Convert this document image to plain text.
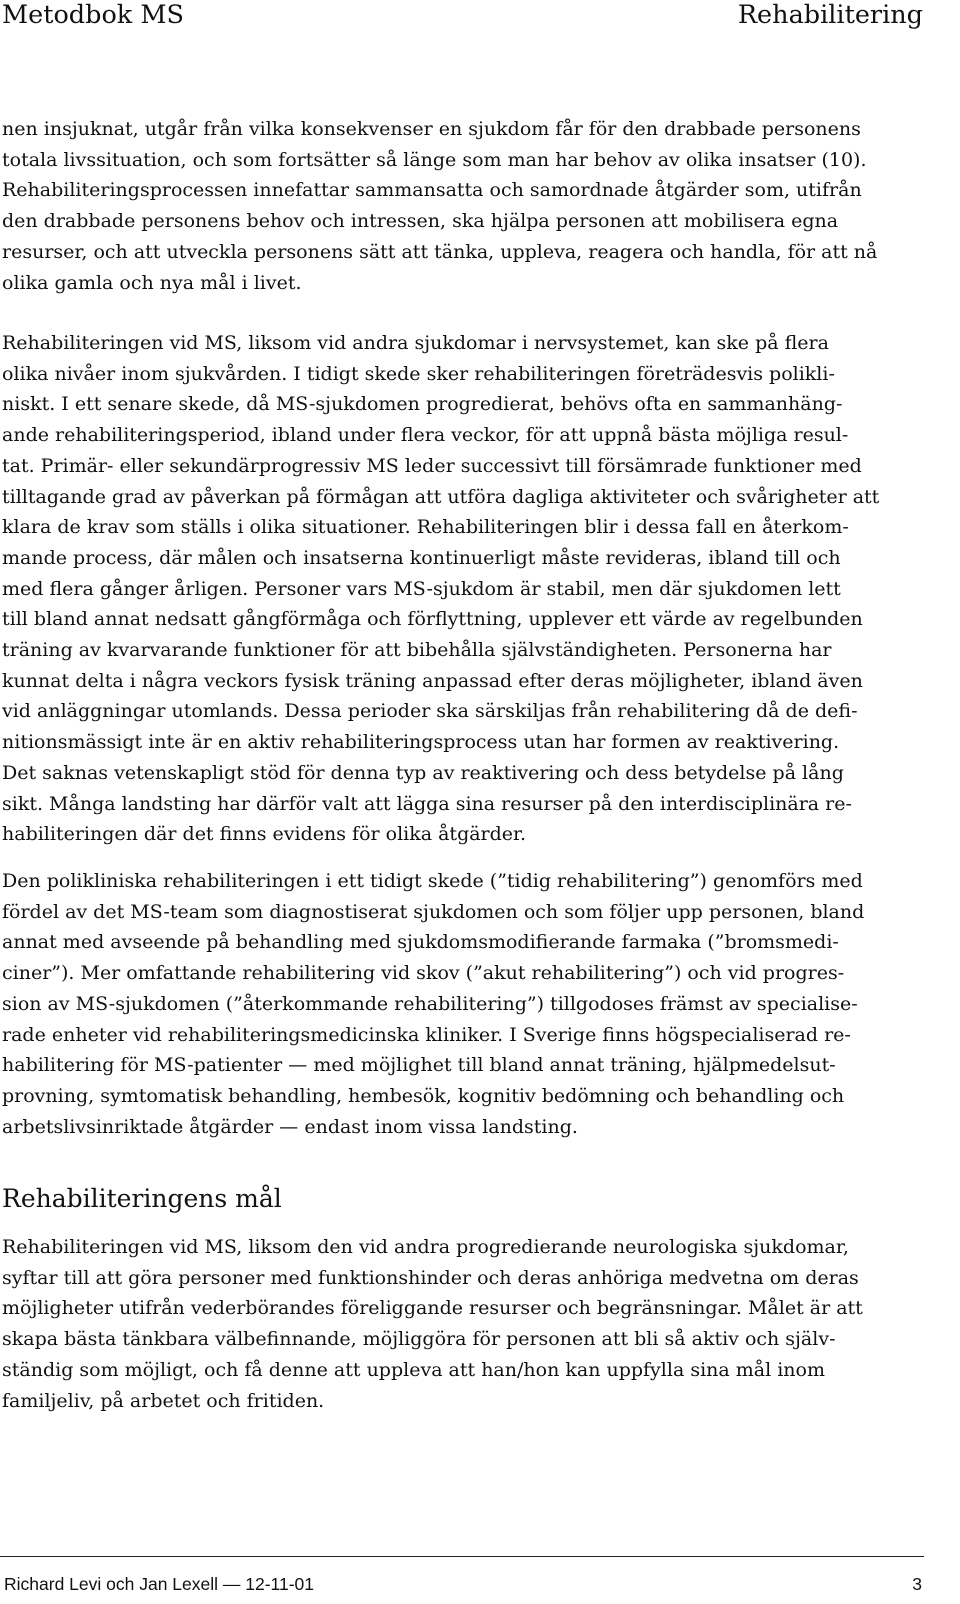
Metodbok MS	Rehabilitering
nen insjuknat, utgår från vilka konsekvenser en sjukdom får för den drabbade personens
totala livssituation, och som fortsätter så länge som man har behov av olika insatser (10).
Rehabiliteringsprocessen innefattar sammansatta och samordnade åtgärder som, utifrån
den drabbade personens behov och intressen, ska hjälpa personen att mobilisera egna
resurser, och att utveckla personens sätt att tänka, uppleva, reagera och handla, för att nå
olika gamla och nya mål i livet.
Rehabiliteringen vid MS, liksom vid andra sjukdomar i nervsystemet, kan ske på flera
olika nivåer inom sjukvården. I tidigt skede sker rehabiliteringen företrädesvis polikli-
niskt. I ett senare skede, då MS-sjukdomen progredierat, behövs ofta en sammanhäng-
ande rehabiliteringsperiod, ibland under flera veckor, för att uppnå bästa möjliga resul-
tat. Primär- eller sekundärprogressiv MS leder successivt till försämrade funktioner med
tilltagande grad av påverkan på förmågan att utföra dagliga aktiviteter och svårigheter att
klara de krav som ställs i olika situationer. Rehabiliteringen blir i dessa fall en återkom-
mande process, där målen och insatserna kontinuerligt måste revideras, ibland till och
med flera gånger årligen. Personer vars MS-sjukdom är stabil, men där sjukdomen lett
till bland annat nedsatt gångförmåga och förflyttning, upplever ett värde av regelbunden
träning av kvarvarande funktioner för att bibehålla självständigheten. Personerna har
kunnat delta i några veckors fysisk träning anpassad efter deras möjligheter, ibland även
vid anläggningar utomlands. Dessa perioder ska särskiljas från rehabilitering då de defi-
nitionsmässigt inte är en aktiv rehabiliteringsprocess utan har formen av reaktivering.
Det saknas vetenskapligt stöd för denna typ av reaktivering och dess betydelse på lång
sikt. Många landsting har därför valt att lägga sina resurser på den interdisciplinära re-
habiliteringen där det finns evidens för olika åtgärder.
Den polikliniska rehabiliteringen i ett tidigt skede (”tidig rehabilitering”) genomförs med
fördel av det MS-team som diagnostiserat sjukdomen och som följer upp personen, bland
annat med avseende på behandling med sjukdomsmodifierande farmaka (”bromsmedi-
ciner”). Mer omfattande rehabilitering vid skov (”akut rehabilitering”) och vid progres-
sion av MS-sjukdomen (”återkommande rehabilitering”) tillgodoses främst av specialise-
rade enheter vid rehabiliteringsmedicinska kliniker. I Sverige finns högspecialiserad re-
habilitering för MS-patienter — med möjlighet till bland annat träning, hjälpmedelsut-
provning, symtomatisk behandling, hembesök, kognitiv bedömning och behandling och
arbetslivsinriktade åtgärder — endast inom vissa landsting.
Rehabiliteringens mål
Rehabiliteringen vid MS, liksom den vid andra progredierande neurologiska sjukdomar,
syftar till att göra personer med funktionshinder och deras anhöriga medvetna om deras
möjligheter utifrån vederbörandes föreliggande resurser och begränsningar. Målet är att
skapa bästa tänkbara välbefinnande, möjliggöra för personen att bli så aktiv och själv-
ständig som möjligt, och få denne att uppleva att han/hon kan uppfylla sina mål inom
familjeliv, på arbetet och fritiden.
Richard Levi och Jan Lexell — 12-11-01	3
